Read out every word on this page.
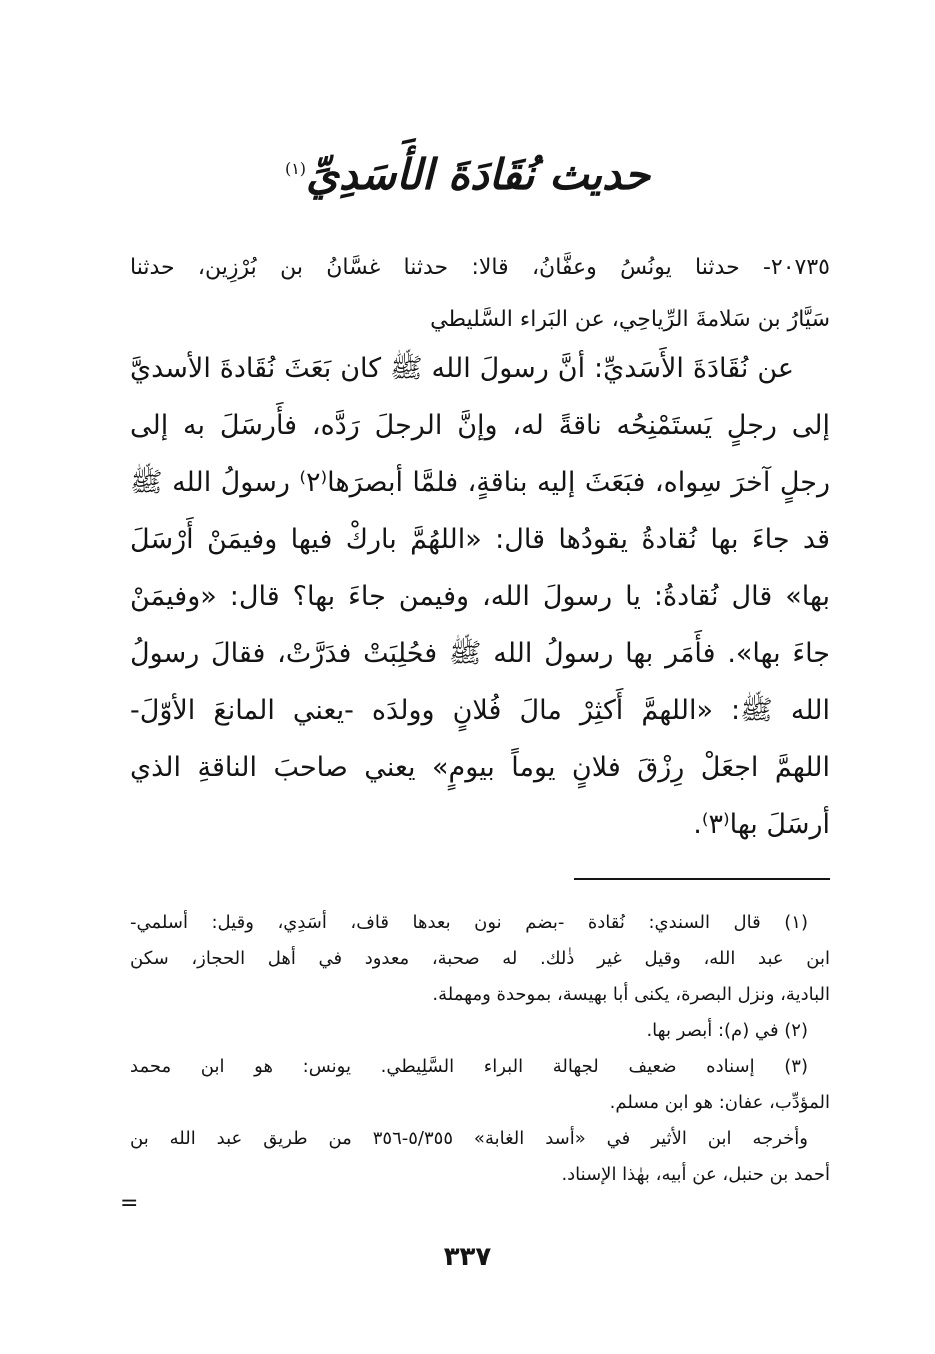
حديث نُقَادَةَ الأَسَدِيِّ$^{(١)}$
٢٠٧٣٥- حدثنا يونُسُ وعفَّانُ، قالا: حدثنا غسَّانُ بن بُرْزِين، حدثنا
سَيَّارُ بن سَلامةَ الرِّياحِي، عن البَراء السَّليطي
عن نُقَادَةَ الأَسَديِّ: أنَّ رسولَ الله ﷺ كان بَعَثَ نُقَادةَ الأسديَّ
إلى رجلٍ يَستَمْنِحُه ناقةً له، وإنَّ الرجلَ رَدَّه، فأَرسَلَ به إلى
رجلٍ آخرَ سِواه، فبَعَثَ إليه بناقةٍ، فلمَّا أبصرَها⁽٢⁾ رسولُ الله ﷺ
قد جاءَ بها نُقادةُ يقودُها قال: «اللهُمَّ باركْ فيها وفيمَنْ أَرْسَلَ
بها» قال نُقادةُ: يا رسولَ الله، وفيمن جاءَ بها؟ قال: «وفيمَنْ
جاءَ بها». فأَمَر بها رسولُ الله ﷺ فحُلِبَتْ فدَرَّتْ، فقالَ رسولُ
الله ﷺ: «اللهمَّ أَكثِرْ مالَ فُلانٍ وولدَه -يعني المانعَ الأوّلَ-
اللهمَّ اجعَلْ رِزْقَ فلانٍ يوماً بيومٍ» يعني صاحبَ الناقةِ الذي
أرسَلَ بها⁽٣⁾.
(١) قال السندي: نُقادة -بضم نون بعدها قاف، أسَدِي، وقيل: أسلمي-
ابن عبد الله، وقيل غير ذٰلك. له صحبة، معدود في أهل الحجاز، سكن
البادية، ونزل البصرة، يكنى أبا بهيسة، بموحدة ومهملة.
(٢) في (م): أبصر بها.
(٣) إسناده ضعيف لجهالة البراء السَّلِيطي. يونس: هو ابن محمد
المؤدِّب، عفان: هو ابن مسلم.
وأخرجه ابن الأثير في «أسد الغابة» ٥/٣٥٥-٣٥٦ من طريق عبد الله بن
أحمد بن حنبل، عن أبيه، بهٰذا الإسناد.
=
٣٣٧
